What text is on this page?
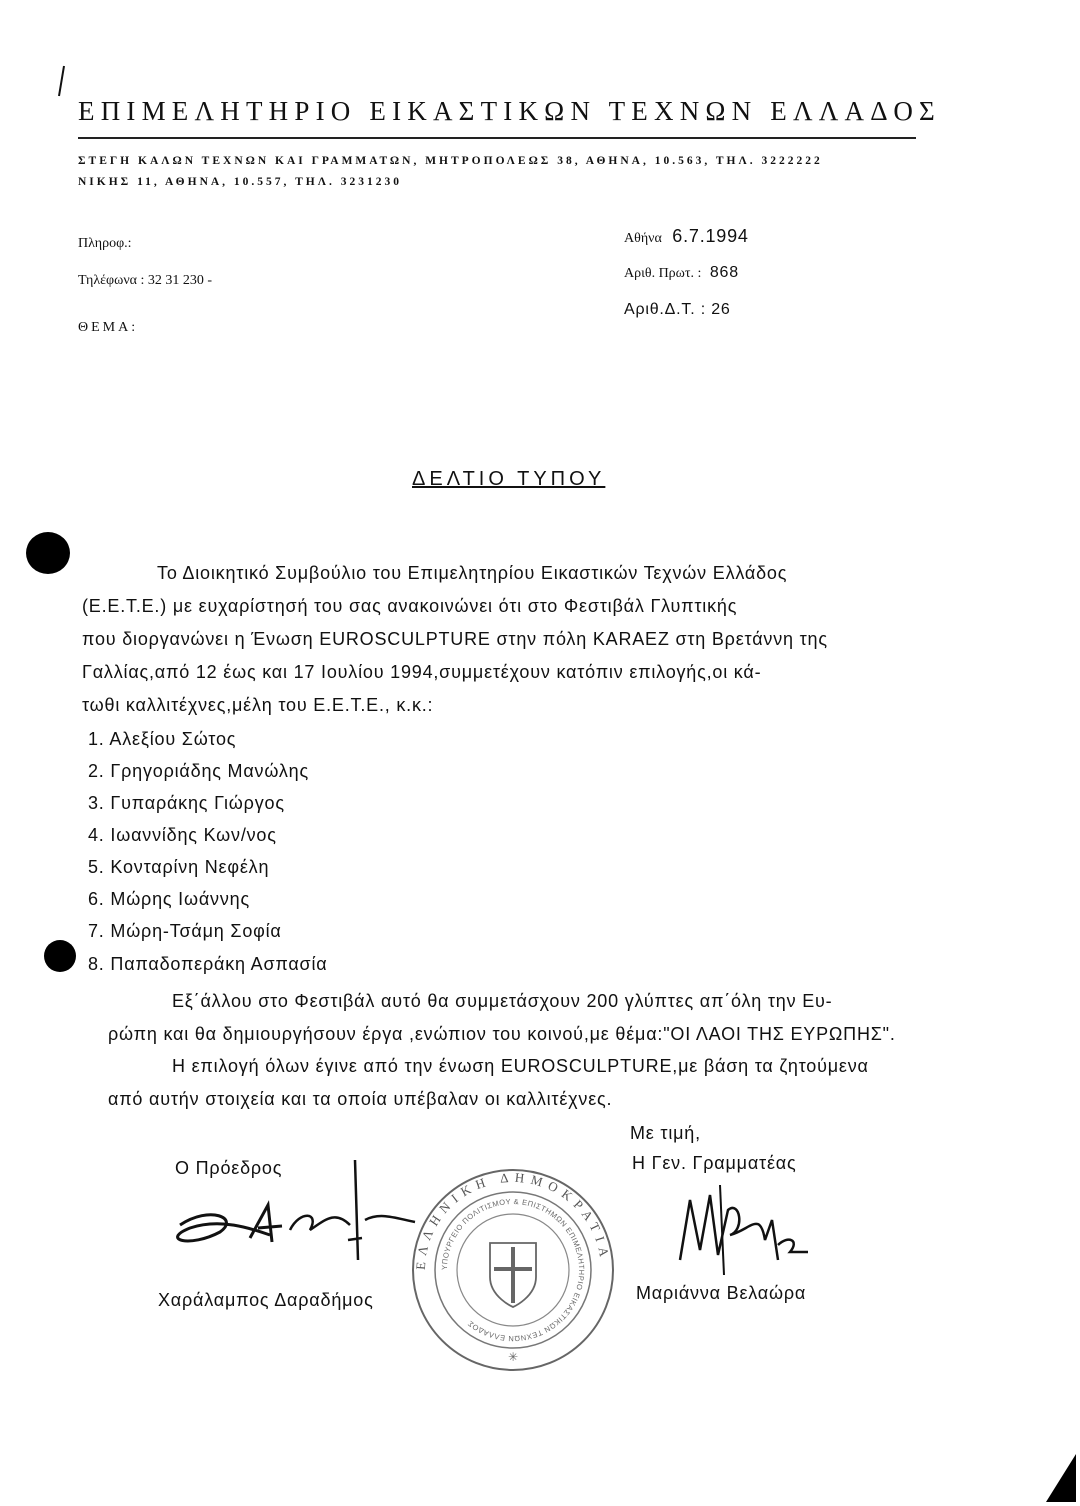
ΕΠΙΜΕΛΗΤΗΡΙΟ ΕΙΚΑΣΤΙΚΩΝ ΤΕΧΝΩΝ ΕΛΛΑΔΟΣ
ΣΤΕΓΗ ΚΑΛΩΝ ΤΕΧΝΩΝ ΚΑΙ ΓΡΑΜΜΑΤΩΝ, ΜΗΤΡΟΠΟΛΕΩΣ 38, ΑΘΗΝΑ, 10.563, ΤΗΛ. 3222222
ΝΙΚΗΣ 11, ΑΘΗΝΑ, 10.557, ΤΗΛ. 3231230
Πληροφ.:
Τηλέφωνα : 32 31 230 -
ΘΕΜΑ:
Αθήνα 6.7.1994
Αριθ. Πρωτ. : 868
Αριθ.Δ.Τ. : 26
ΔΕΛΤΙΟ ΤΥΠΟΥ
Το Διοικητικό Συμβούλιο του Επιμελητηρίου Εικαστικών Τεχνών Ελλάδος
(Ε.Ε.Τ.Ε.) με ευχαρίστησή του σας ανακοινώνει ότι στο Φεστιβάλ Γλυπτικής
που διοργανώνει η Ένωση EUROSCULPTURE στην πόλη KARAEZ στη Βρετάννη της
Γαλλίας,από 12 έως και 17 Ιουλίου 1994,συμμετέχουν κατόπιν επιλογής,οι κά-
τωθι καλλιτέχνες,μέλη του Ε.Ε.Τ.Ε., κ.κ.:
1. Αλεξίου Σώτος
2. Γρηγοριάδης Μανώλης
3. Γυπαράκης Γιώργος
4. Ιωαννίδης Κων/νος
5. Κονταρίνη Νεφέλη
6. Μώρης Ιωάννης
7. Μώρη-Τσάμη Σοφία
8. Παπαδοπεράκη Ασπασία
Εξ΄άλλου στο Φεστιβάλ αυτό θα συμμετάσχουν 200 γλύπτες απ΄όλη την Ευ-
ρώπη και θα δημιουργήσουν έργα ,ενώπιον του κοινού,με θέμα:"ΟΙ ΛΑΟΙ ΤΗΣ ΕΥΡΩΠΗΣ".
Η επιλογή όλων έγινε από την ένωση EUROSCULPTURE,με βάση τα ζητούμενα
από αυτήν στοιχεία και τα οποία υπέβαλαν οι καλλιτέχνες.
Με τιμή,
Ο Πρόεδρος	Η Γεν. Γραμματέας
Χαράλαμπος Δαραδήμος	Μαριάννα Βελαώρα
ΕΛΛΗΝΙΚΗ ΔΗΜΟΚΡΑΤΙΑ
ΥΠΟΥΡΓΕΙΟ ΠΟΛΙΤΙΣΜΟΥ & ΕΠΙΣΤΗΜΩΝ ΕΠΙΜΕΛΗΤΗΡΙΟ ΕΙΚΑΣΤΙΚΩΝ ΤΕΧΝΩΝ ΕΛΛΑΔΟΣ
✳
